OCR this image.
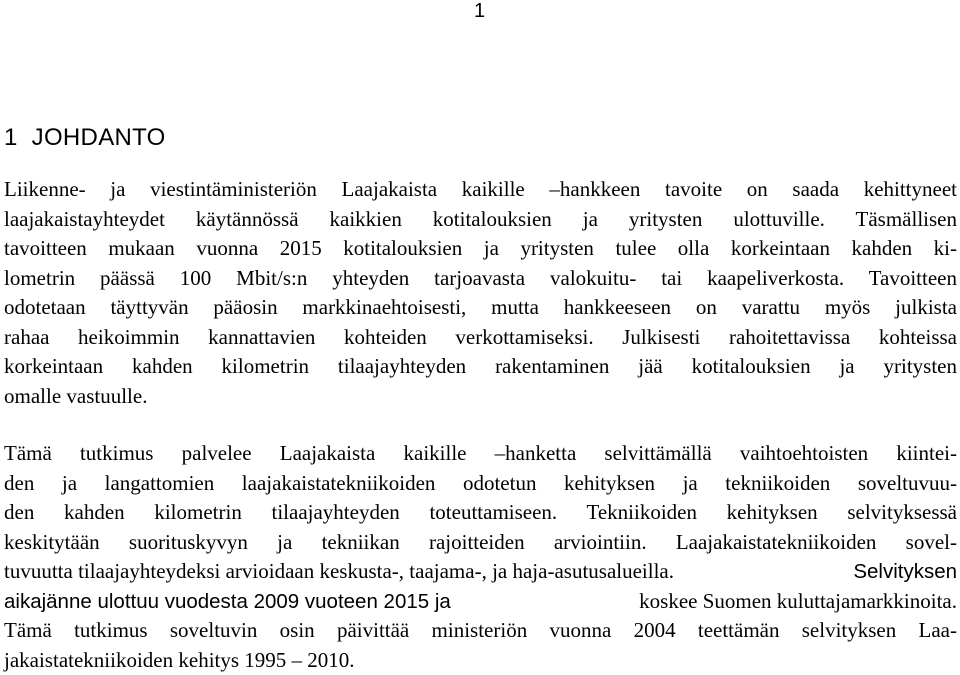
1
1 JOHDANTO
Liikenne- ja viestintäministeriön Laajakaista kaikille –hankkeen tavoite on saada kehittyneet
laajakaistayhteydet käytännössä kaikkien kotitalouksien ja yritysten ulottuville. Täsmällisen
tavoitteen mukaan vuonna 2015 kotitalouksien ja yritysten tulee olla korkeintaan kahden ki-
lometrin päässä 100 Mbit/s:n yhteyden tarjoavasta valokuitu- tai kaapeliverkosta. Tavoitteen
odotetaan täyttyvän pääosin markkinaehtoisesti, mutta hankkeeseen on varattu myös julkista
rahaa heikoimmin kannattavien kohteiden verkottamiseksi. Julkisesti rahoitettavissa kohteissa
korkeintaan kahden kilometrin tilaajayhteyden rakentaminen jää kotitalouksien ja yritysten
omalle vastuulle.
Tämä tutkimus palvelee Laajakaista kaikille –hanketta selvittämällä vaihtoehtoisten kiintei-
den ja langattomien laajakaistatekniikoiden odotetun kehityksen ja tekniikoiden soveltuvuu-
den kahden kilometrin tilaajayhteyden toteuttamiseen. Tekniikoiden kehityksen selvityksessä
keskitytään suorituskyvyn ja tekniikan rajoitteiden arviointiin. Laajakaistatekniikoiden sovel-
tuvuutta tilaajayhteydeksi arvioidaan keskusta-, taajama-, ja haja-asutusalueilla.	Selvityksen
aikajänne ulottuu vuodesta 2009 vuoteen 2015 ja	koskee Suomen kuluttajamarkkinoita.
Tämä tutkimus soveltuvin osin päivittää ministeriön vuonna 2004 teettämän selvityksen Laa-
jakaistatekniikoiden kehitys 1995 – 2010.
